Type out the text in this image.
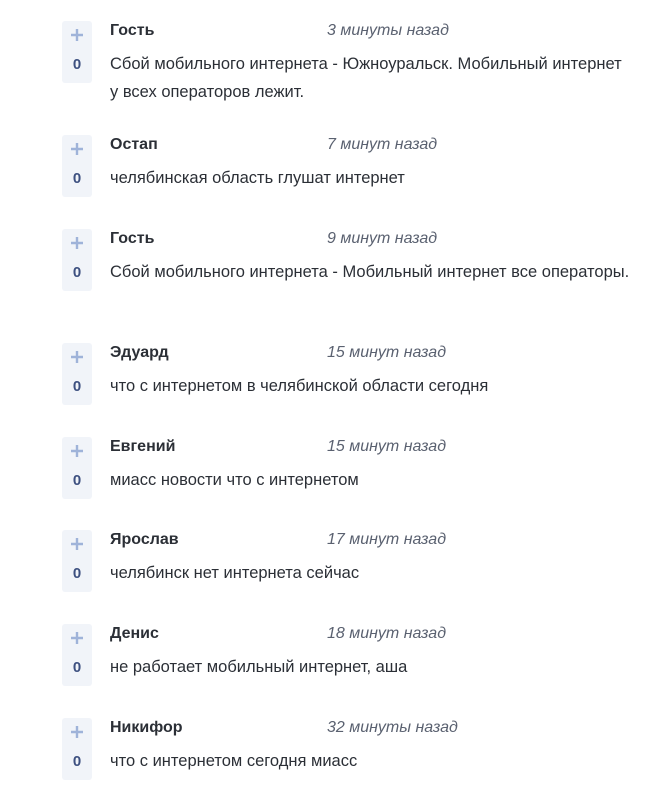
0
Гость	3 минуты назад
Сбой мобильного интернета - Южноуральск. Мобильный интернет у всех операторов лежит.
0
Остап	7 минут назад
челябинская область глушат интернет
0
Гость	9 минут назад
Сбой мобильного интернета - Мобильный интернет все операторы.
0
Эдуард	15 минут назад
что с интернетом в челябинской области сегодня
0
Евгений	15 минут назад
миасс новости что с интернетом
0
Ярослав	17 минут назад
челябинск нет интернета сейчас
0
Денис	18 минут назад
не работает мобильный интернет, аша
0
Никифор	32 минуты назад
что с интернетом сегодня миасс
